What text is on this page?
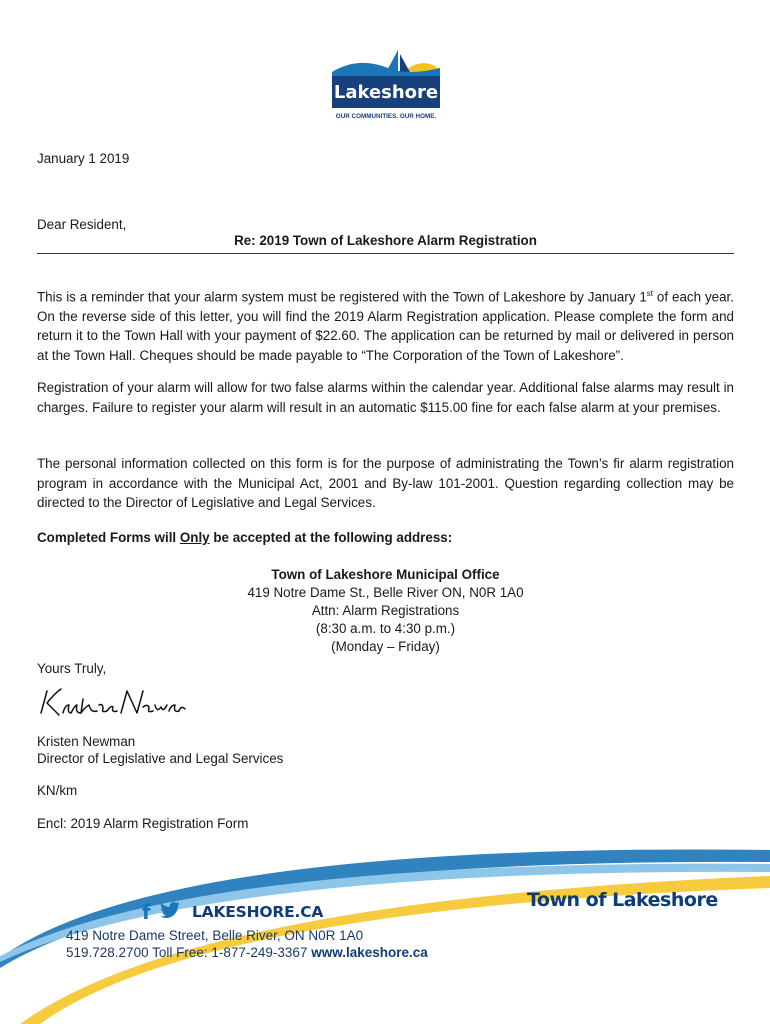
Lakeshore
OUR COMMUNITIES. OUR HOME.
January 1 2019
Dear Resident,
Re: 2019 Town of Lakeshore Alarm Registration

This is a reminder that your alarm system must be registered with the Town of Lakeshore by January 1st of each year. On the reverse side of this letter, you will find the 2019 Alarm Registration application. Please complete the form and return it to the Town Hall with your payment of $22.60. The application can be returned by mail or delivered in person at the Town Hall. Cheques should be made payable to “The Corporation of the Town of Lakeshore”.

Registration of your alarm will allow for two false alarms within the calendar year. Additional false alarms may result in charges. Failure to register your alarm will result in an automatic $115.00 fine for each false alarm at your premises.

The personal information collected on this form is for the purpose of administrating the Town’s fir alarm registration program in accordance with the Municipal Act, 2001 and By-law 101-2001. Question regarding collection may be directed to the Director of Legislative and Legal Services.

Completed Forms will Only be accepted at the following address:
Town of Lakeshore Municipal Office
419 Notre Dame St., Belle River ON, N0R 1A0
Attn: Alarm Registrations
(8:30 a.m. to 4:30 p.m.)
(Monday – Friday)
Yours Truly,
Kristen Newman
Director of Legislative and Legal Services
KN/km
Encl: 2019 Alarm Registration Form
f	LAKESHORE.CA
419 Notre Dame Street, Belle River, ON N0R 1A0
519.728.2700 Toll Free: 1-877-249-3367 www.lakeshore.ca
Town of Lakeshore
